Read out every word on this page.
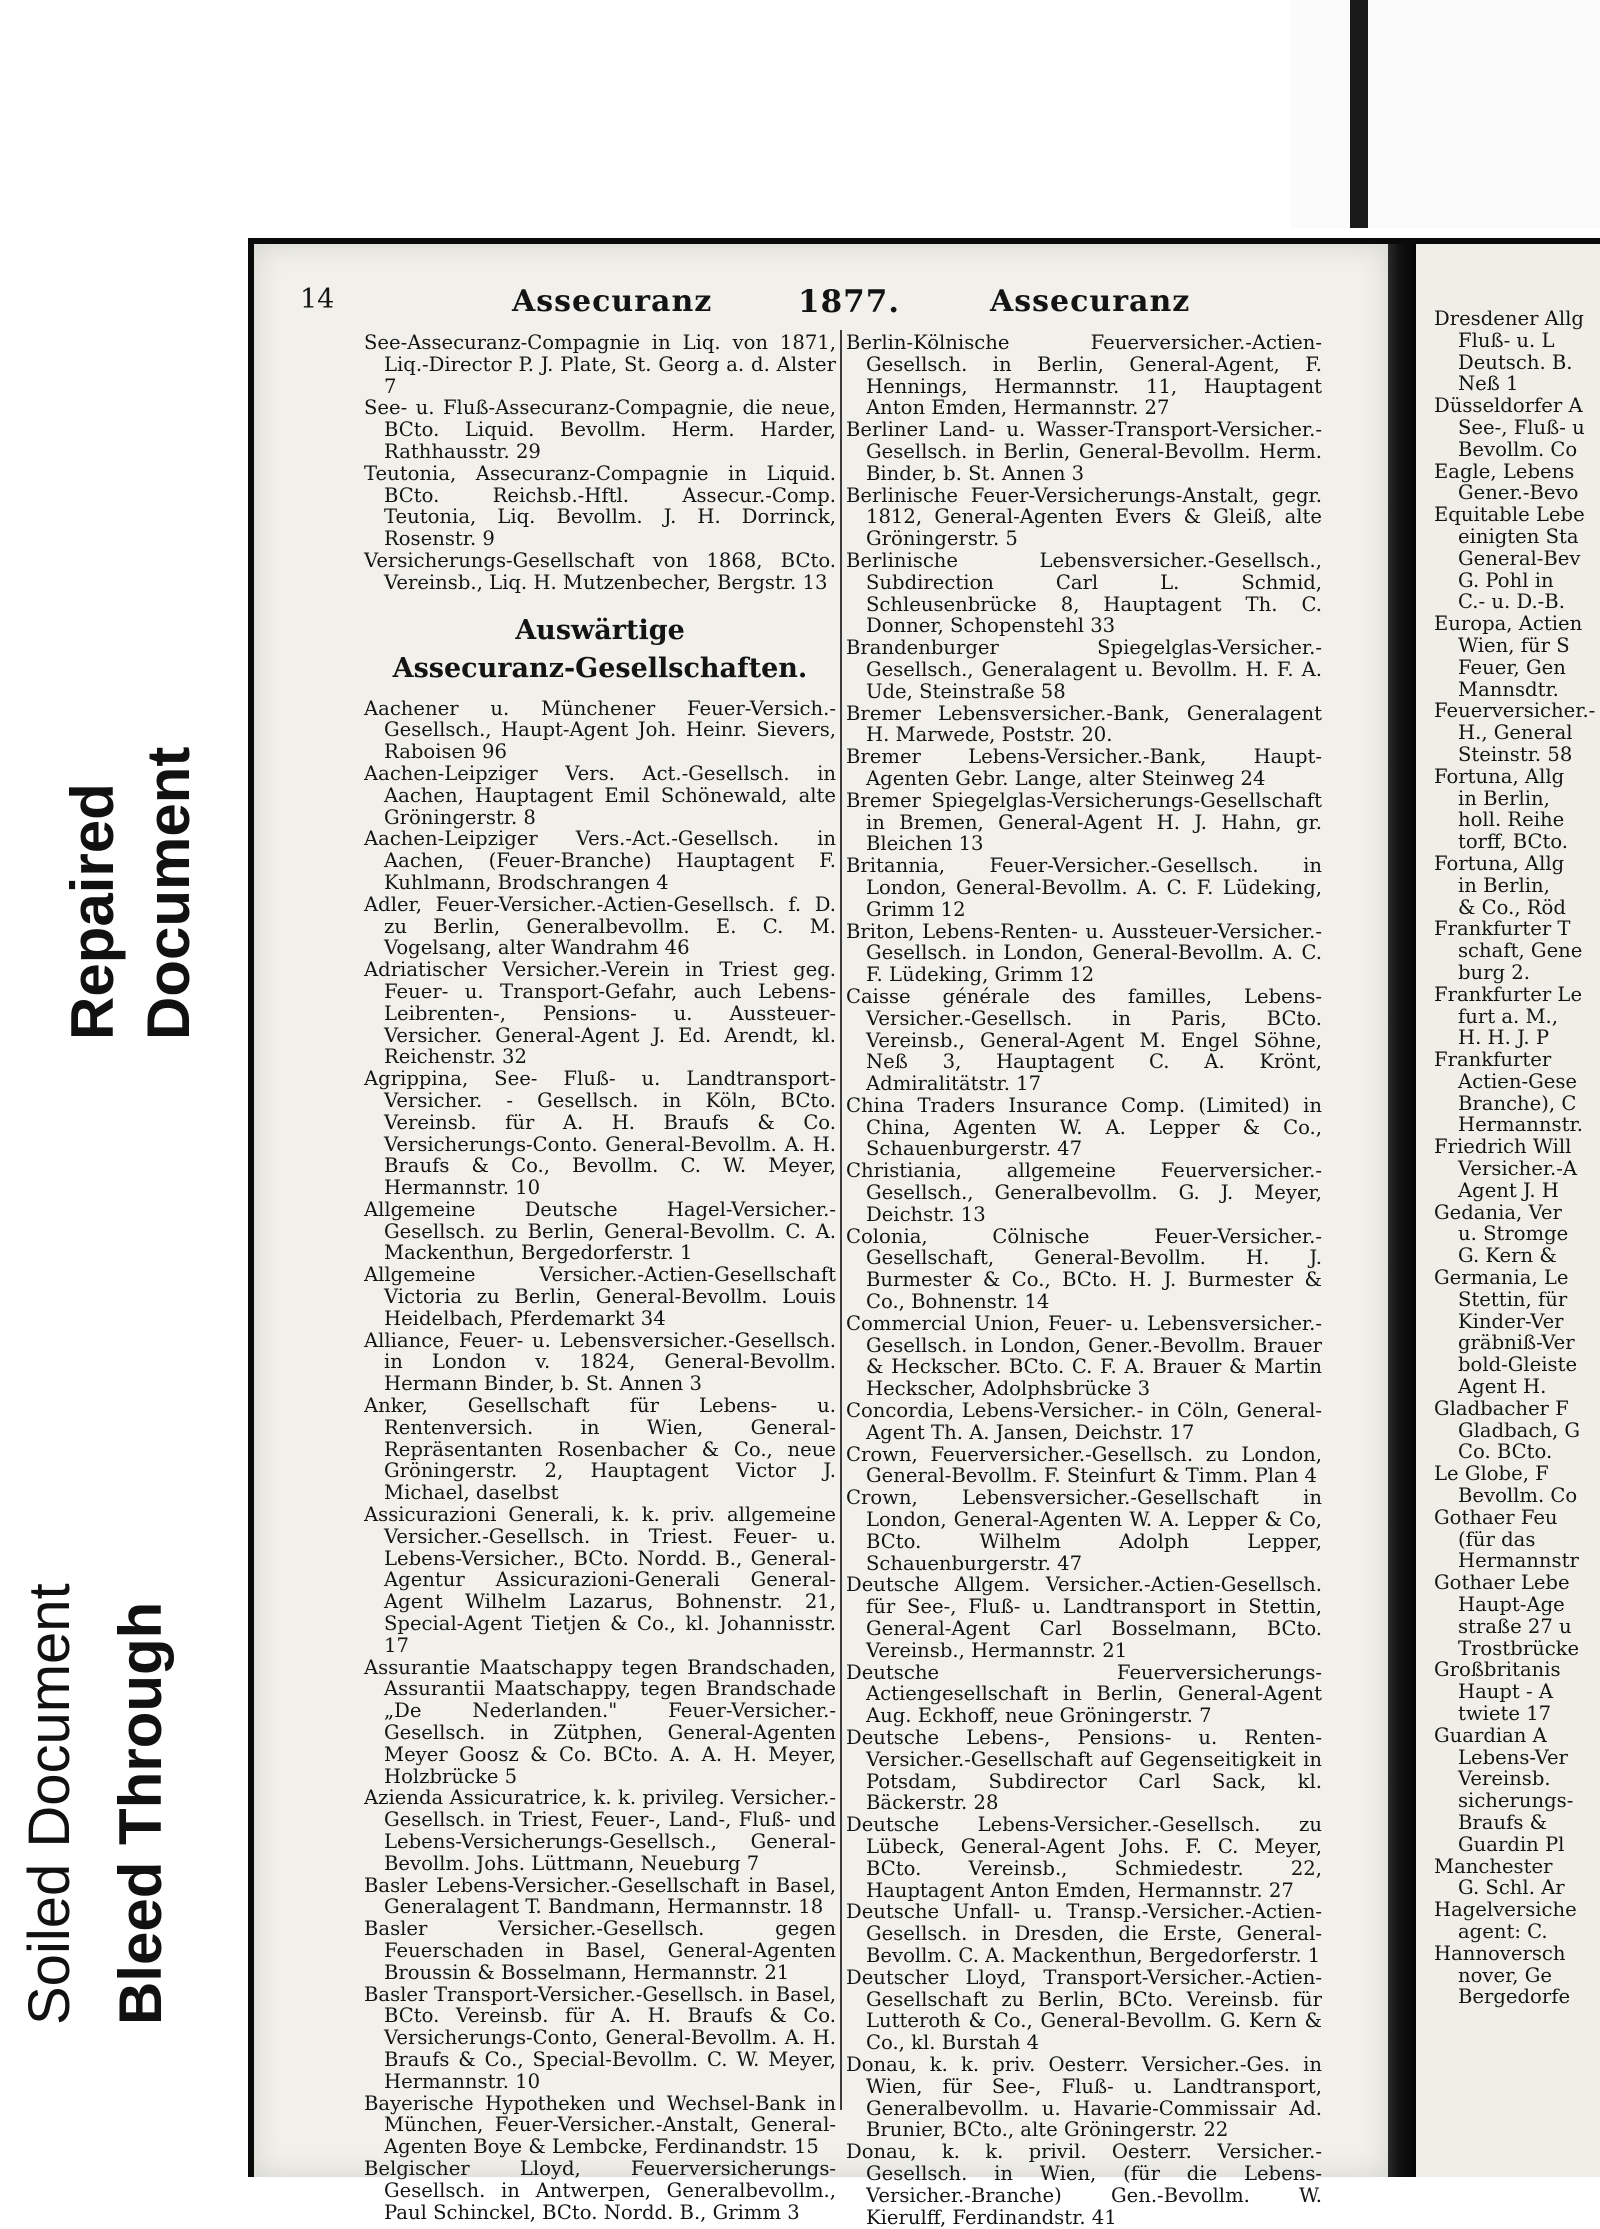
Repaired Document
Soiled Document Bleed Through
14	Assecuranz	1877.	Assecuranz

See-Assecuranz-Compagnie in Liq. von 1871, Liq.-Director P. J. Plate, St. Georg a. d. Alster 7

See- u. Fluß-Assecuranz-Compagnie, die neue, BCto. Liquid. Bevollm. Herm. Harder, Rathhausstr. 29

Teutonia, Assecuranz-Compagnie in Liquid. BCto. Reichsb.-Hftl. Assecur.-Comp. Teutonia, Liq. Bevollm. J. H. Dorrinck, Rosenstr. 9

Versicherungs-Gesellschaft von 1868, BCto. Vereinsb., Liq. H. Mutzenbecher, Bergstr. 13

Auswärtige

Assecuranz-Gesellschaften.

Aachener u. Münchener Feuer-Versich.-Gesellsch., Haupt-Agent Joh. Heinr. Sievers, Raboisen 96

Aachen-Leipziger Vers. Act.-Gesellsch. in Aachen, Hauptagent Emil Schönewald, alte Gröningerstr. 8

Aachen-Leipziger Vers.-Act.-Gesellsch. in Aachen, (Feuer-Branche) Hauptagent F. Kuhlmann, Brodschrangen 4

Adler, Feuer-Versicher.-Actien-Gesellsch. f. D. zu Berlin, Generalbevollm. E. C. M. Vogelsang, alter Wandrahm 46

Adriatischer Versicher.-Verein in Triest geg. Feuer- u. Transport-Gefahr, auch Lebens-Leibrenten-, Pensions- u. Aussteuer-Versicher. General-Agent J. Ed. Arendt, kl. Reichenstr. 32

Agrippina, See- Fluß- u. Landtransport-Versicher. - Gesellsch. in Köln, BCto. Vereinsb. für A. H. Braufs & Co. Versicherungs-Conto. General-Bevollm. A. H. Braufs & Co., Bevollm. C. W. Meyer, Hermannstr. 10

Allgemeine Deutsche Hagel-Versicher.-Gesellsch. zu Berlin, General-Bevollm. C. A. Mackenthun, Bergedorferstr. 1

Allgemeine Versicher.-Actien-Gesellschaft Victoria zu Berlin, General-Bevollm. Louis Heidelbach, Pferdemarkt 34

Alliance, Feuer- u. Lebensversicher.-Gesellsch. in London v. 1824, General-Bevollm. Hermann Binder, b. St. Annen 3

Anker, Gesellschaft für Lebens- u. Rentenversich. in Wien, General-Repräsentanten Rosenbacher & Co., neue Gröningerstr. 2, Hauptagent Victor J. Michael, daselbst

Assicurazioni Generali, k. k. priv. allgemeine Versicher.-Gesellsch. in Triest. Feuer- u. Lebens-Versicher., BCto. Nordd. B., General-Agentur Assicurazioni-Generali General-Agent Wilhelm Lazarus, Bohnenstr. 21, Special-Agent Tietjen & Co., kl. Johannisstr. 17

Assurantie Maatschappy tegen Brandschaden, Assurantii Maatschappy, tegen Brandschade „De Nederlanden." Feuer-Versicher.-Gesellsch. in Zütphen, General-Agenten Meyer Goosz & Co. BCto. A. A. H. Meyer, Holzbrücke 5

Azienda Assicuratrice, k. k. privileg. Versicher.-Gesellsch. in Triest, Feuer-, Land-, Fluß- und Lebens-Versicherungs-Gesellsch., General-Bevollm. Johs. Lüttmann, Neueburg 7

Basler Lebens-Versicher.-Gesellschaft in Basel, Generalagent T. Bandmann, Hermannstr. 18

Basler Versicher.-Gesellsch. gegen Feuerschaden in Basel, General-Agenten Broussin & Bosselmann, Hermannstr. 21

Basler Transport-Versicher.-Gesellsch. in Basel, BCto. Vereinsb. für A. H. Braufs & Co. Versicherungs-Conto, General-Bevollm. A. H. Braufs & Co., Special-Bevollm. C. W. Meyer, Hermannstr. 10

Bayerische Hypotheken und Wechsel-Bank in München, Feuer-Versicher.-Anstalt, General-Agenten Boye & Lembcke, Ferdinandstr. 15

Belgischer Lloyd, Feuerversicherungs-Gesellsch. in Antwerpen, Generalbevollm., Paul Schinckel, BCto. Nordd. B., Grimm 3

Berlin-Kölnische Feuerversicher.-Actien-Gesellsch. in Berlin, General-Agent, F. Hennings, Hermannstr. 11, Hauptagent Anton Emden, Hermannstr. 27

Berliner Land- u. Wasser-Transport-Versicher.-Gesellsch. in Berlin, General-Bevollm. Herm. Binder, b. St. Annen 3

Berlinische Feuer-Versicherungs-Anstalt, gegr. 1812, General-Agenten Evers & Gleiß, alte Gröningerstr. 5

Berlinische Lebensversicher.-Gesellsch., Subdirection Carl L. Schmid, Schleusenbrücke 8, Hauptagent Th. C. Donner, Schopenstehl 33

Brandenburger Spiegelglas-Versicher.-Gesellsch., Generalagent u. Bevollm. H. F. A. Ude, Steinstraße 58

Bremer Lebensversicher.-Bank, Generalagent H. Marwede, Poststr. 20.

Bremer Lebens-Versicher.-Bank, Haupt-Agenten Gebr. Lange, alter Steinweg 24

Bremer Spiegelglas-Versicherungs-Gesellschaft in Bremen, General-Agent H. J. Hahn, gr. Bleichen 13

Britannia, Feuer-Versicher.-Gesellsch. in London, General-Bevollm. A. C. F. Lüdeking, Grimm 12

Briton, Lebens-Renten- u. Aussteuer-Versicher.-Gesellsch. in London, General-Bevollm. A. C. F. Lüdeking, Grimm 12

Caisse générale des familles, Lebens-Versicher.-Gesellsch. in Paris, BCto. Vereinsb., General-Agent M. Engel Söhne, Neß 3, Hauptagent C. A. Krönt, Admiralitätstr. 17

China Traders Insurance Comp. (Limited) in China, Agenten W. A. Lepper & Co., Schauenburgerstr. 47

Christiania, allgemeine Feuerversicher.-Gesellsch., Generalbevollm. G. J. Meyer, Deichstr. 13

Colonia, Cölnische Feuer-Versicher.-Gesellschaft, General-Bevollm. H. J. Burmester & Co., BCto. H. J. Burmester & Co., Bohnenstr. 14

Commercial Union, Feuer- u. Lebensversicher.-Gesellsch. in London, Gener.-Bevollm. Brauer & Heckscher. BCto. C. F. A. Brauer & Martin Heckscher, Adolphsbrücke 3

Concordia, Lebens-Versicher.- in Cöln, General-Agent Th. A. Jansen, Deichstr. 17

Crown, Feuerversicher.-Gesellsch. zu London, General-Bevollm. F. Steinfurt & Timm. Plan 4

Crown, Lebensversicher.-Gesellschaft in London, General-Agenten W. A. Lepper & Co, BCto. Wilhelm Adolph Lepper, Schauenburgerstr. 47

Deutsche Allgem. Versicher.-Actien-Gesellsch. für See-, Fluß- u. Landtransport in Stettin, General-Agent Carl Bosselmann, BCto. Vereinsb., Hermannstr. 21

Deutsche Feuerversicherungs-Actiengesellschaft in Berlin, General-Agent Aug. Eckhoff, neue Gröningerstr. 7

Deutsche Lebens-, Pensions- u. Renten-Versicher.-Gesellschaft auf Gegenseitigkeit in Potsdam, Subdirector Carl Sack, kl. Bäckerstr. 28

Deutsche Lebens-Versicher.-Gesellsch. zu Lübeck, General-Agent Johs. F. C. Meyer, BCto. Vereinsb., Schmiedestr. 22, Hauptagent Anton Emden, Hermannstr. 27

Deutsche Unfall- u. Transp.-Versicher.-Actien-Gesellsch. in Dresden, die Erste, General-Bevollm. C. A. Mackenthun, Bergedorferstr. 1

Deutscher Lloyd, Transport-Versicher.-Actien-Gesellschaft zu Berlin, BCto. Vereinsb. für Lutteroth & Co., General-Bevollm. G. Kern & Co., kl. Burstah 4

Donau, k. k. priv. Oesterr. Versicher.-Ges. in Wien, für See-, Fluß- u. Landtransport, Generalbevollm. u. Havarie-Commissair Ad. Brunier, BCto., alte Gröningerstr. 22

Donau, k. k. privil. Oesterr. Versicher.-Gesellsch. in Wien, (für die Lebens-Versicher.-Branche) Gen.-Bevollm. W. Kierulff, Ferdinandstr. 41

Dresdener Allg
Fluß- u. L
Deutsch. B.
Neß 1
Düsseldorfer A
See-, Fluß- u
Bevollm. Co
Eagle, Lebens
Gener.-Bevo
Equitable Lebe
einigten Sta
General-Bev
G. Pohl in
C.- u. D.-B.
Europa, Actien
Wien, für S
Feuer, Gen
Mannsdtr.
Feuerversicher.-
H., General
Steinstr. 58
Fortuna, Allg
in Berlin,
holl. Reihe
torff, BCto.
Fortuna, Allg
in Berlin,
& Co., Röd
Frankfurter T
schaft, Gene
burg 2.
Frankfurter Le
furt a. M.,
H. H. J. P
Frankfurter
Actien-Gese
Branche), C
Hermannstr.
Friedrich Will
Versicher.-A
Agent J. H
Gedania, Ver
u. Stromge
G. Kern &
Germania, Le
Stettin, für
Kinder-Ver
gräbniß-Ver
bold-Gleiste
Agent H.
Gladbacher F
Gladbach, G
Co. BCto.
Le Globe, F
Bevollm. Co
Gothaer Feu
(für das
Hermannstr
Gothaer Lebe
Haupt-Age
straße 27 u
Trostbrücke
Großbritanis
Haupt - A
twiete 17
Guardian A
Lebens-Ver
Vereinsb.
sicherungs-
Braufs &
Guardin Pl
Manchester
G. Schl. Ar
Hagelversiche
agent: C.
Hannoversch
nover, Ge
Bergedorfe
